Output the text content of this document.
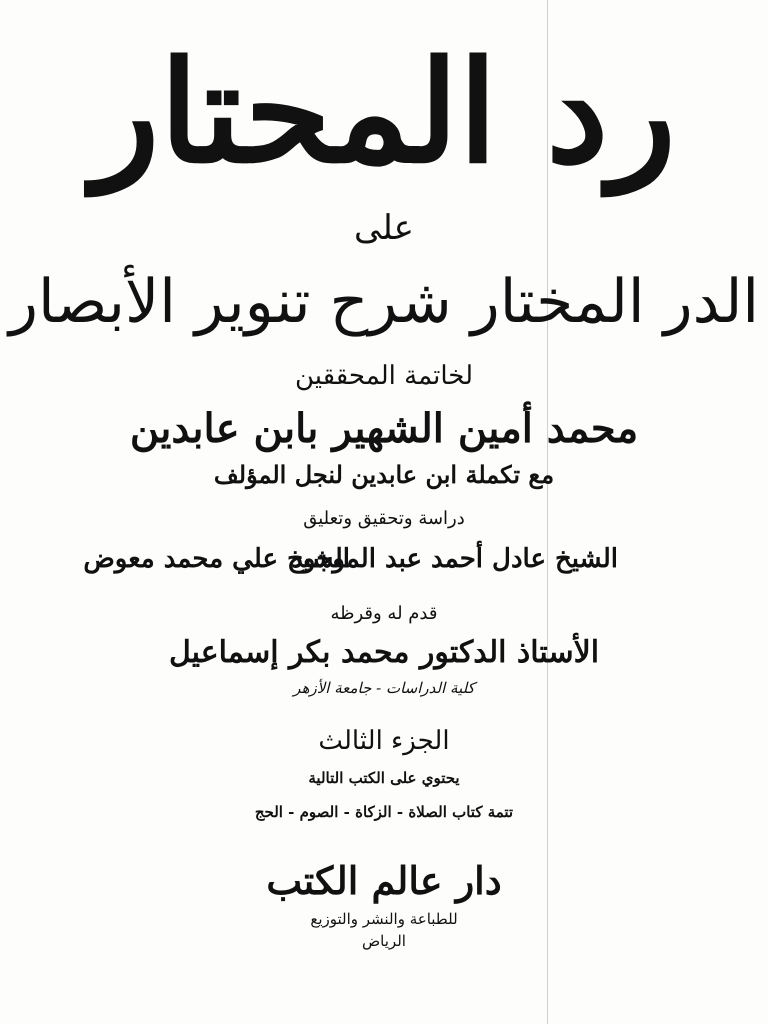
رد المحتار
على
الدر المختار شرح تنوير الأبصار
لخاتمة المحققين
محمد أمين الشهير بابن عابدين
مع تكملة ابن عابدين لنجل المؤلف
دراسة وتحقيق وتعليق
الشيخ عادل أحمد عبد الموجود
الشيخ علي محمد معوض
قدم له وقرظه
الأستاذ الدكتور محمد بكر إسماعيل
كلية الدراسات - جامعة الأزهر
الجزء الثالث
يحتوي على الكتب التالية
تتمة كتاب الصلاة - الزكاة - الصوم - الحج
دار عالم الكتب
للطباعة والنشر والتوزيع
الرياض
